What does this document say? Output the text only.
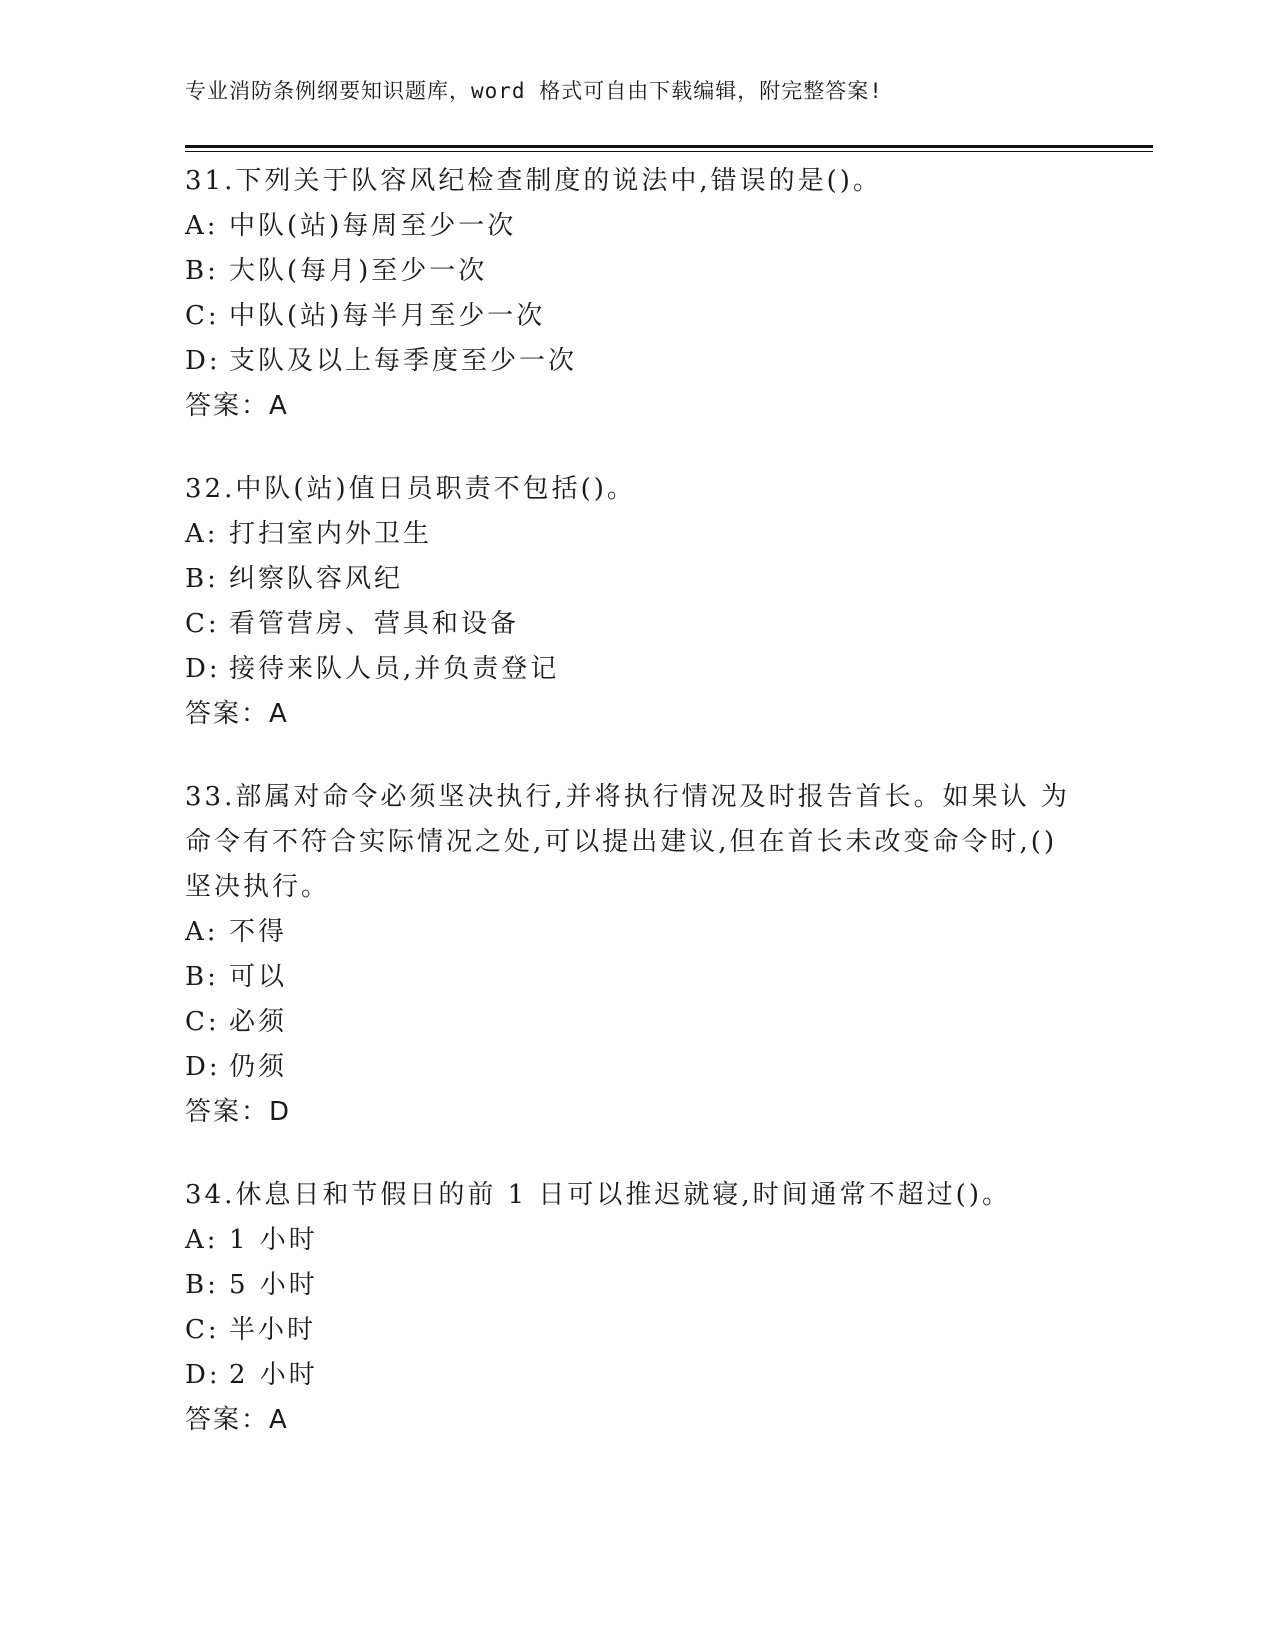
专业消防条例纲要知识题库，word 格式可自由下载编辑，附完整答案!
31.下列关于队容风纪检查制度的说法中,错误的是()。
A: 中队(站)每周至少一次
B: 大队(每月)至少一次
C: 中队(站)每半月至少一次
D: 支队及以上每季度至少一次
答案：A
32.中队(站)值日员职责不包括()。
A: 打扫室内外卫生
B: 纠察队容风纪
C: 看管营房、营具和设备
D: 接待来队人员,并负责登记
答案：A
33.部属对命令必须坚决执行,并将执行情况及时报告首长。如果认 为
命令有不符合实际情况之处,可以提出建议,但在首长未改变命令时,()
坚决执行。
A: 不得
B: 可以
C: 必须
D: 仍须
答案：D
34.休息日和节假日的前 1 日可以推迟就寝,时间通常不超过()。
A: 1 小时
B: 5 小时
C: 半小时
D: 2 小时
答案：A
